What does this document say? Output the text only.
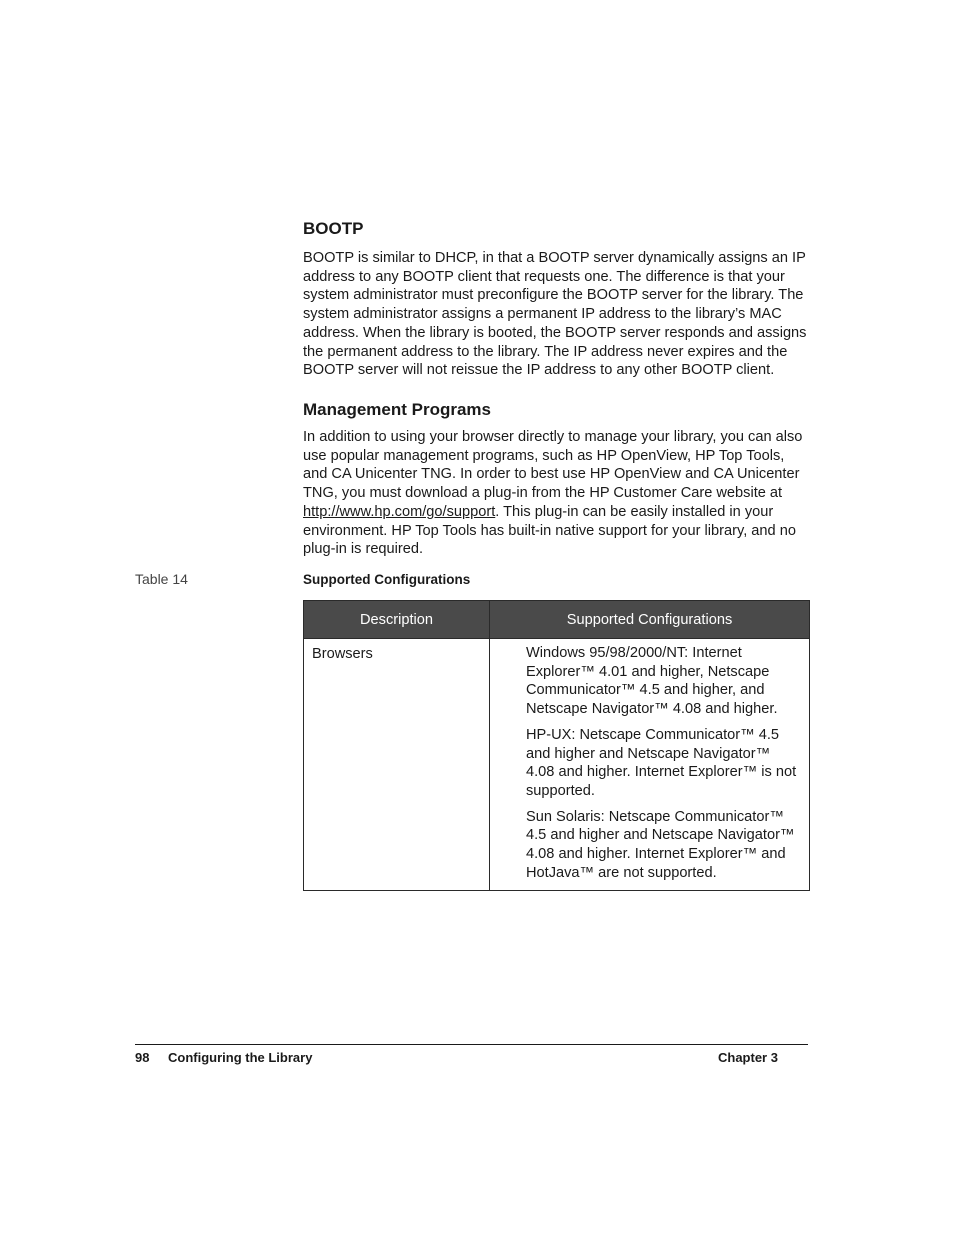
BOOTP

BOOTP is similar to DHCP, in that a BOOTP server dynamically assigns an IP address to any BOOTP client that requests one. The difference is that your system administrator must preconfigure the BOOTP server for the library. The system administrator assigns a permanent IP address to the library’s MAC address. When the library is booted, the BOOTP server responds and assigns the permanent address to the library. The IP address never expires and the BOOTP server will not reissue the IP address to any other BOOTP client.

Management Programs

In addition to using your browser directly to manage your library, you can also use popular management programs, such as HP OpenView, HP Top Tools, and CA Unicenter TNG. In order to best use HP OpenView and CA Unicenter TNG, you must download a plug-in from the HP Customer Care website at http://www.hp.com/go/support. This plug-in can be easily installed in your environment. HP Top Tools has built-in native support for your library, and no plug-in is required.

Table 14	Supported Configurations
Description	Supported Configurations
Browsers	Windows 95/98/2000/NT: Internet Explorer™ 4.01 and higher, Netscape Communicator™ 4.5 and higher, and Netscape Navigator™ 4.08 and higher.

HP-UX: Netscape Communicator™ 4.5 and higher and Netscape Navigator™ 4.08 and higher. Internet Explorer™ is not supported.

Sun Solaris: Netscape Communicator™ 4.5 and higher and Netscape Navigator™ 4.08 and higher. Internet Explorer™ and HotJava™ are not supported.

98 Configuring the Library	Chapter 3
